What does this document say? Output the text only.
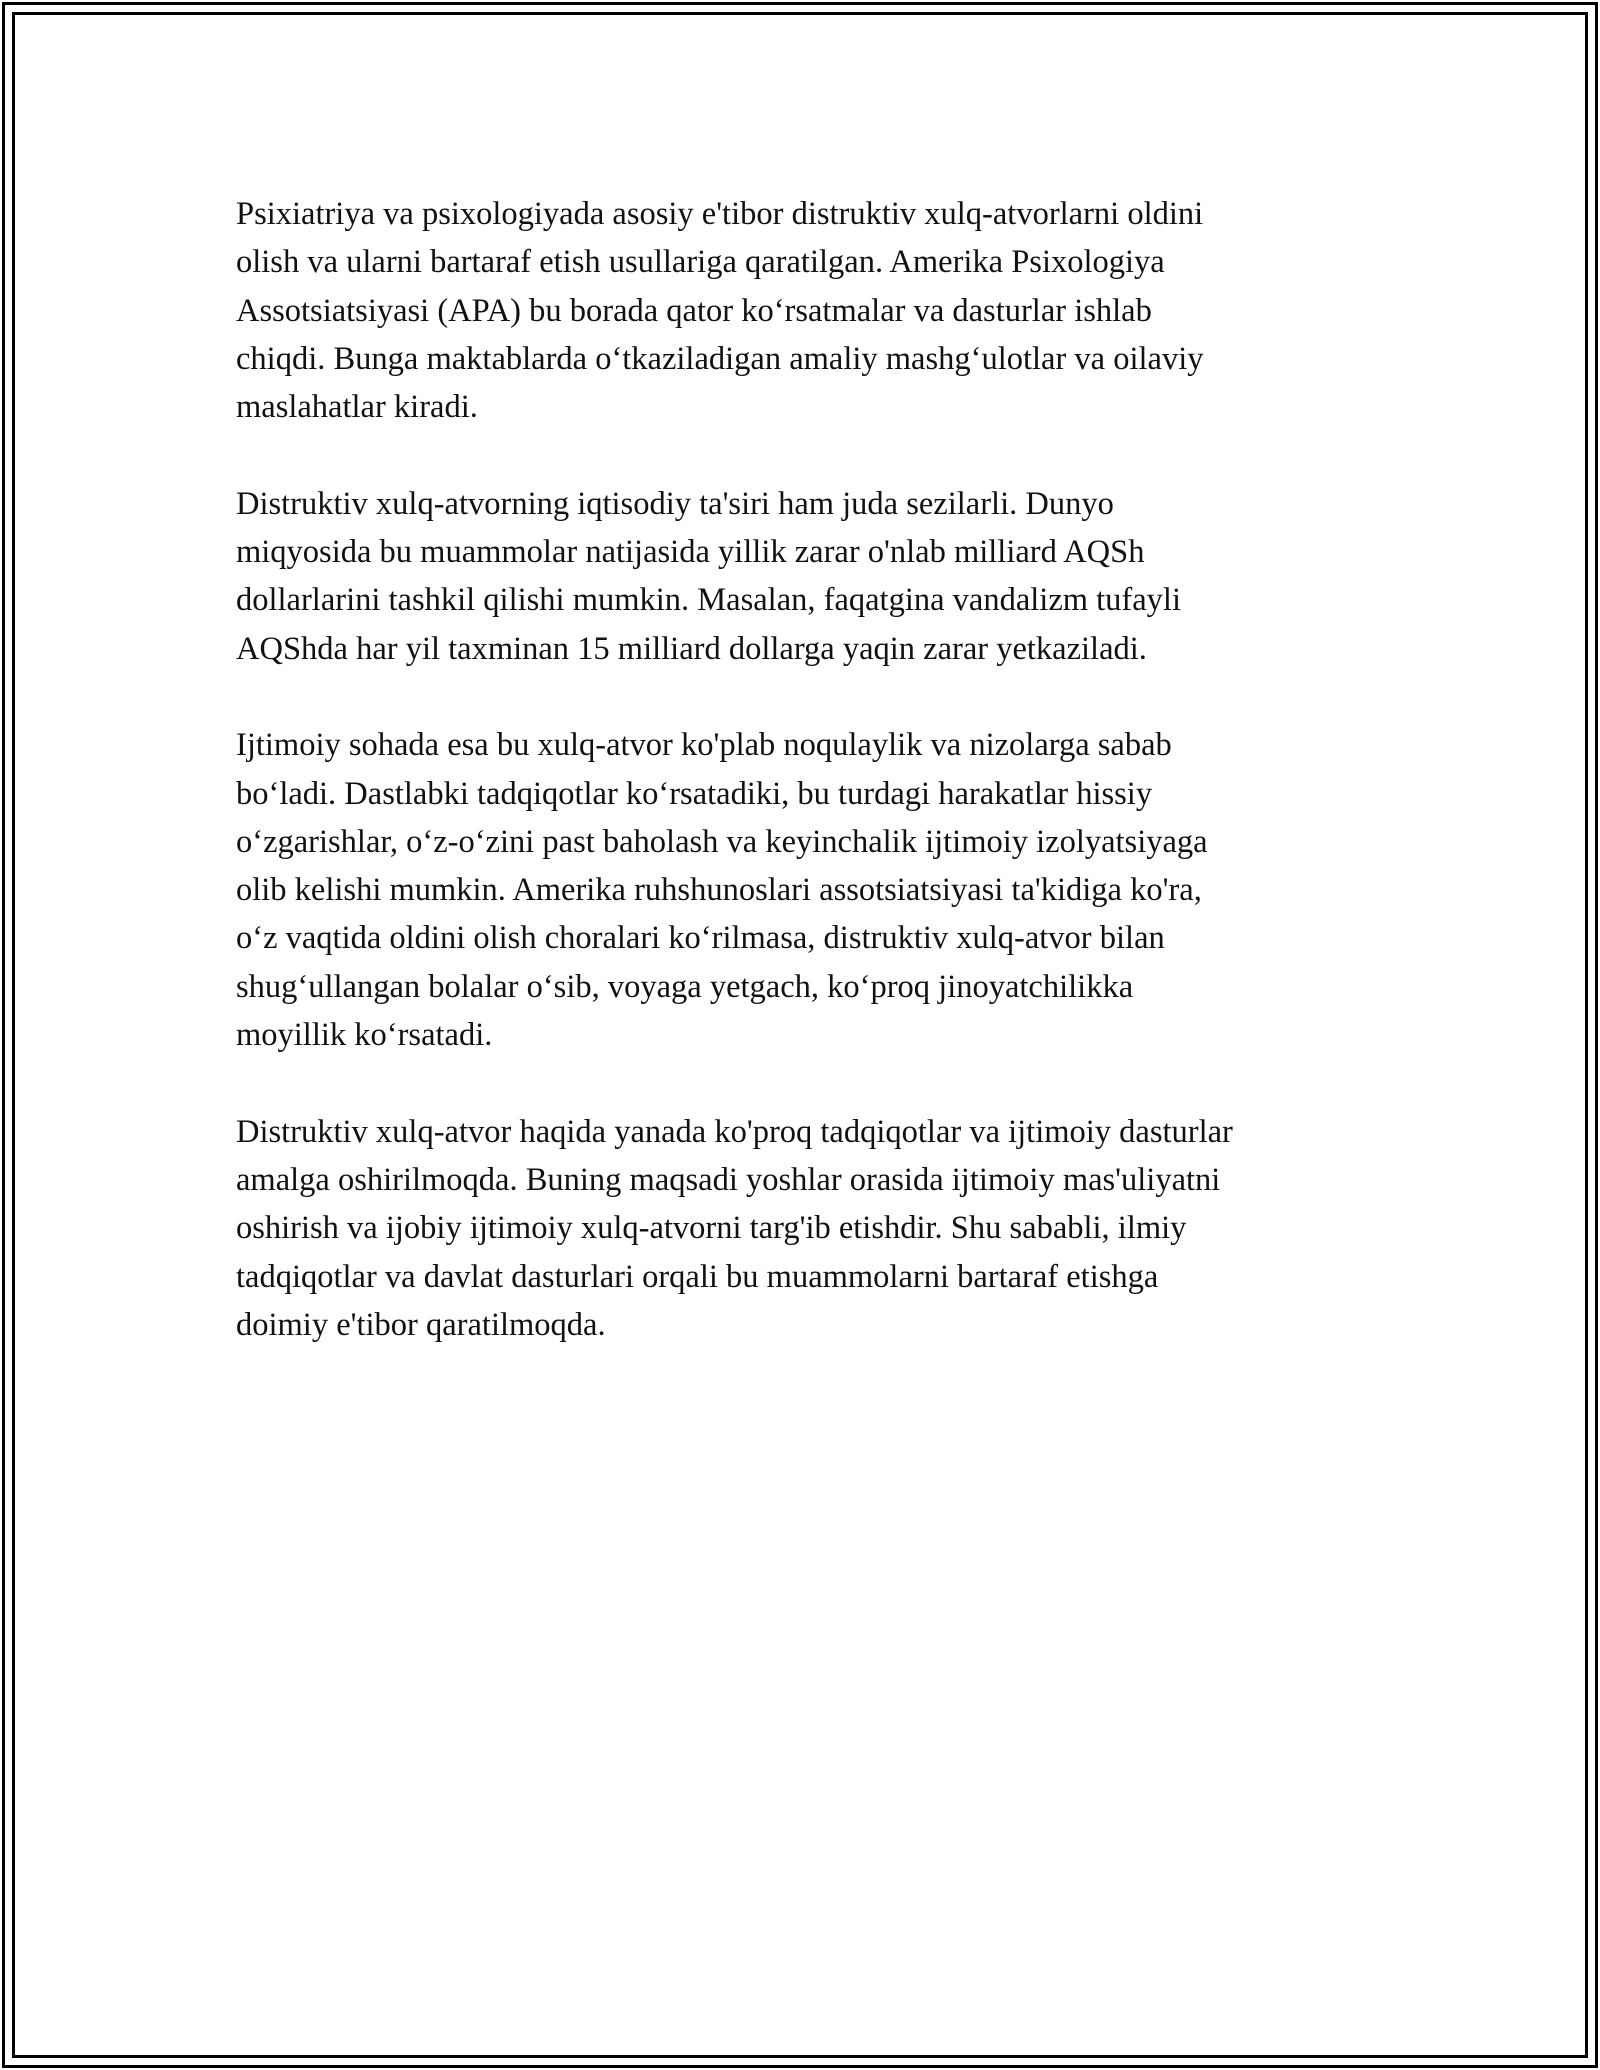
Psixiatriya va psixologiyada asosiy e'tibor distruktiv xulq-atvorlarni oldini
olish va ularni bartaraf etish usullariga qaratilgan. Amerika Psixologiya
Assotsiatsiyasi (APA) bu borada qator ko‘rsatmalar va dasturlar ishlab
chiqdi. Bunga maktablarda o‘tkaziladigan amaliy mashg‘ulotlar va oilaviy
maslahatlar kiradi.

Distruktiv xulq-atvorning iqtisodiy ta'siri ham juda sezilarli. Dunyo
miqyosida bu muammolar natijasida yillik zarar o'nlab milliard AQSh
dollarlarini tashkil qilishi mumkin. Masalan, faqatgina vandalizm tufayli
AQShda har yil taxminan 15 milliard dollarga yaqin zarar yetkaziladi.

Ijtimoiy sohada esa bu xulq-atvor ko'plab noqulaylik va nizolarga sabab
bo‘ladi. Dastlabki tadqiqotlar ko‘rsatadiki, bu turdagi harakatlar hissiy
o‘zgarishlar, o‘z-o‘zini past baholash va keyinchalik ijtimoiy izolyatsiyaga
olib kelishi mumkin. Amerika ruhshunoslari assotsiatsiyasi ta'kidiga ko'ra,
o‘z vaqtida oldini olish choralari ko‘rilmasa, distruktiv xulq-atvor bilan
shug‘ullangan bolalar o‘sib, voyaga yetgach, ko‘proq jinoyatchilikka
moyillik ko‘rsatadi.

Distruktiv xulq-atvor haqida yanada ko'proq tadqiqotlar va ijtimoiy dasturlar
amalga oshirilmoqda. Buning maqsadi yoshlar orasida ijtimoiy mas'uliyatni
oshirish va ijobiy ijtimoiy xulq-atvorni targ'ib etishdir. Shu sababli, ilmiy
tadqiqotlar va davlat dasturlari orqali bu muammolarni bartaraf etishga
doimiy e'tibor qaratilmoqda.
